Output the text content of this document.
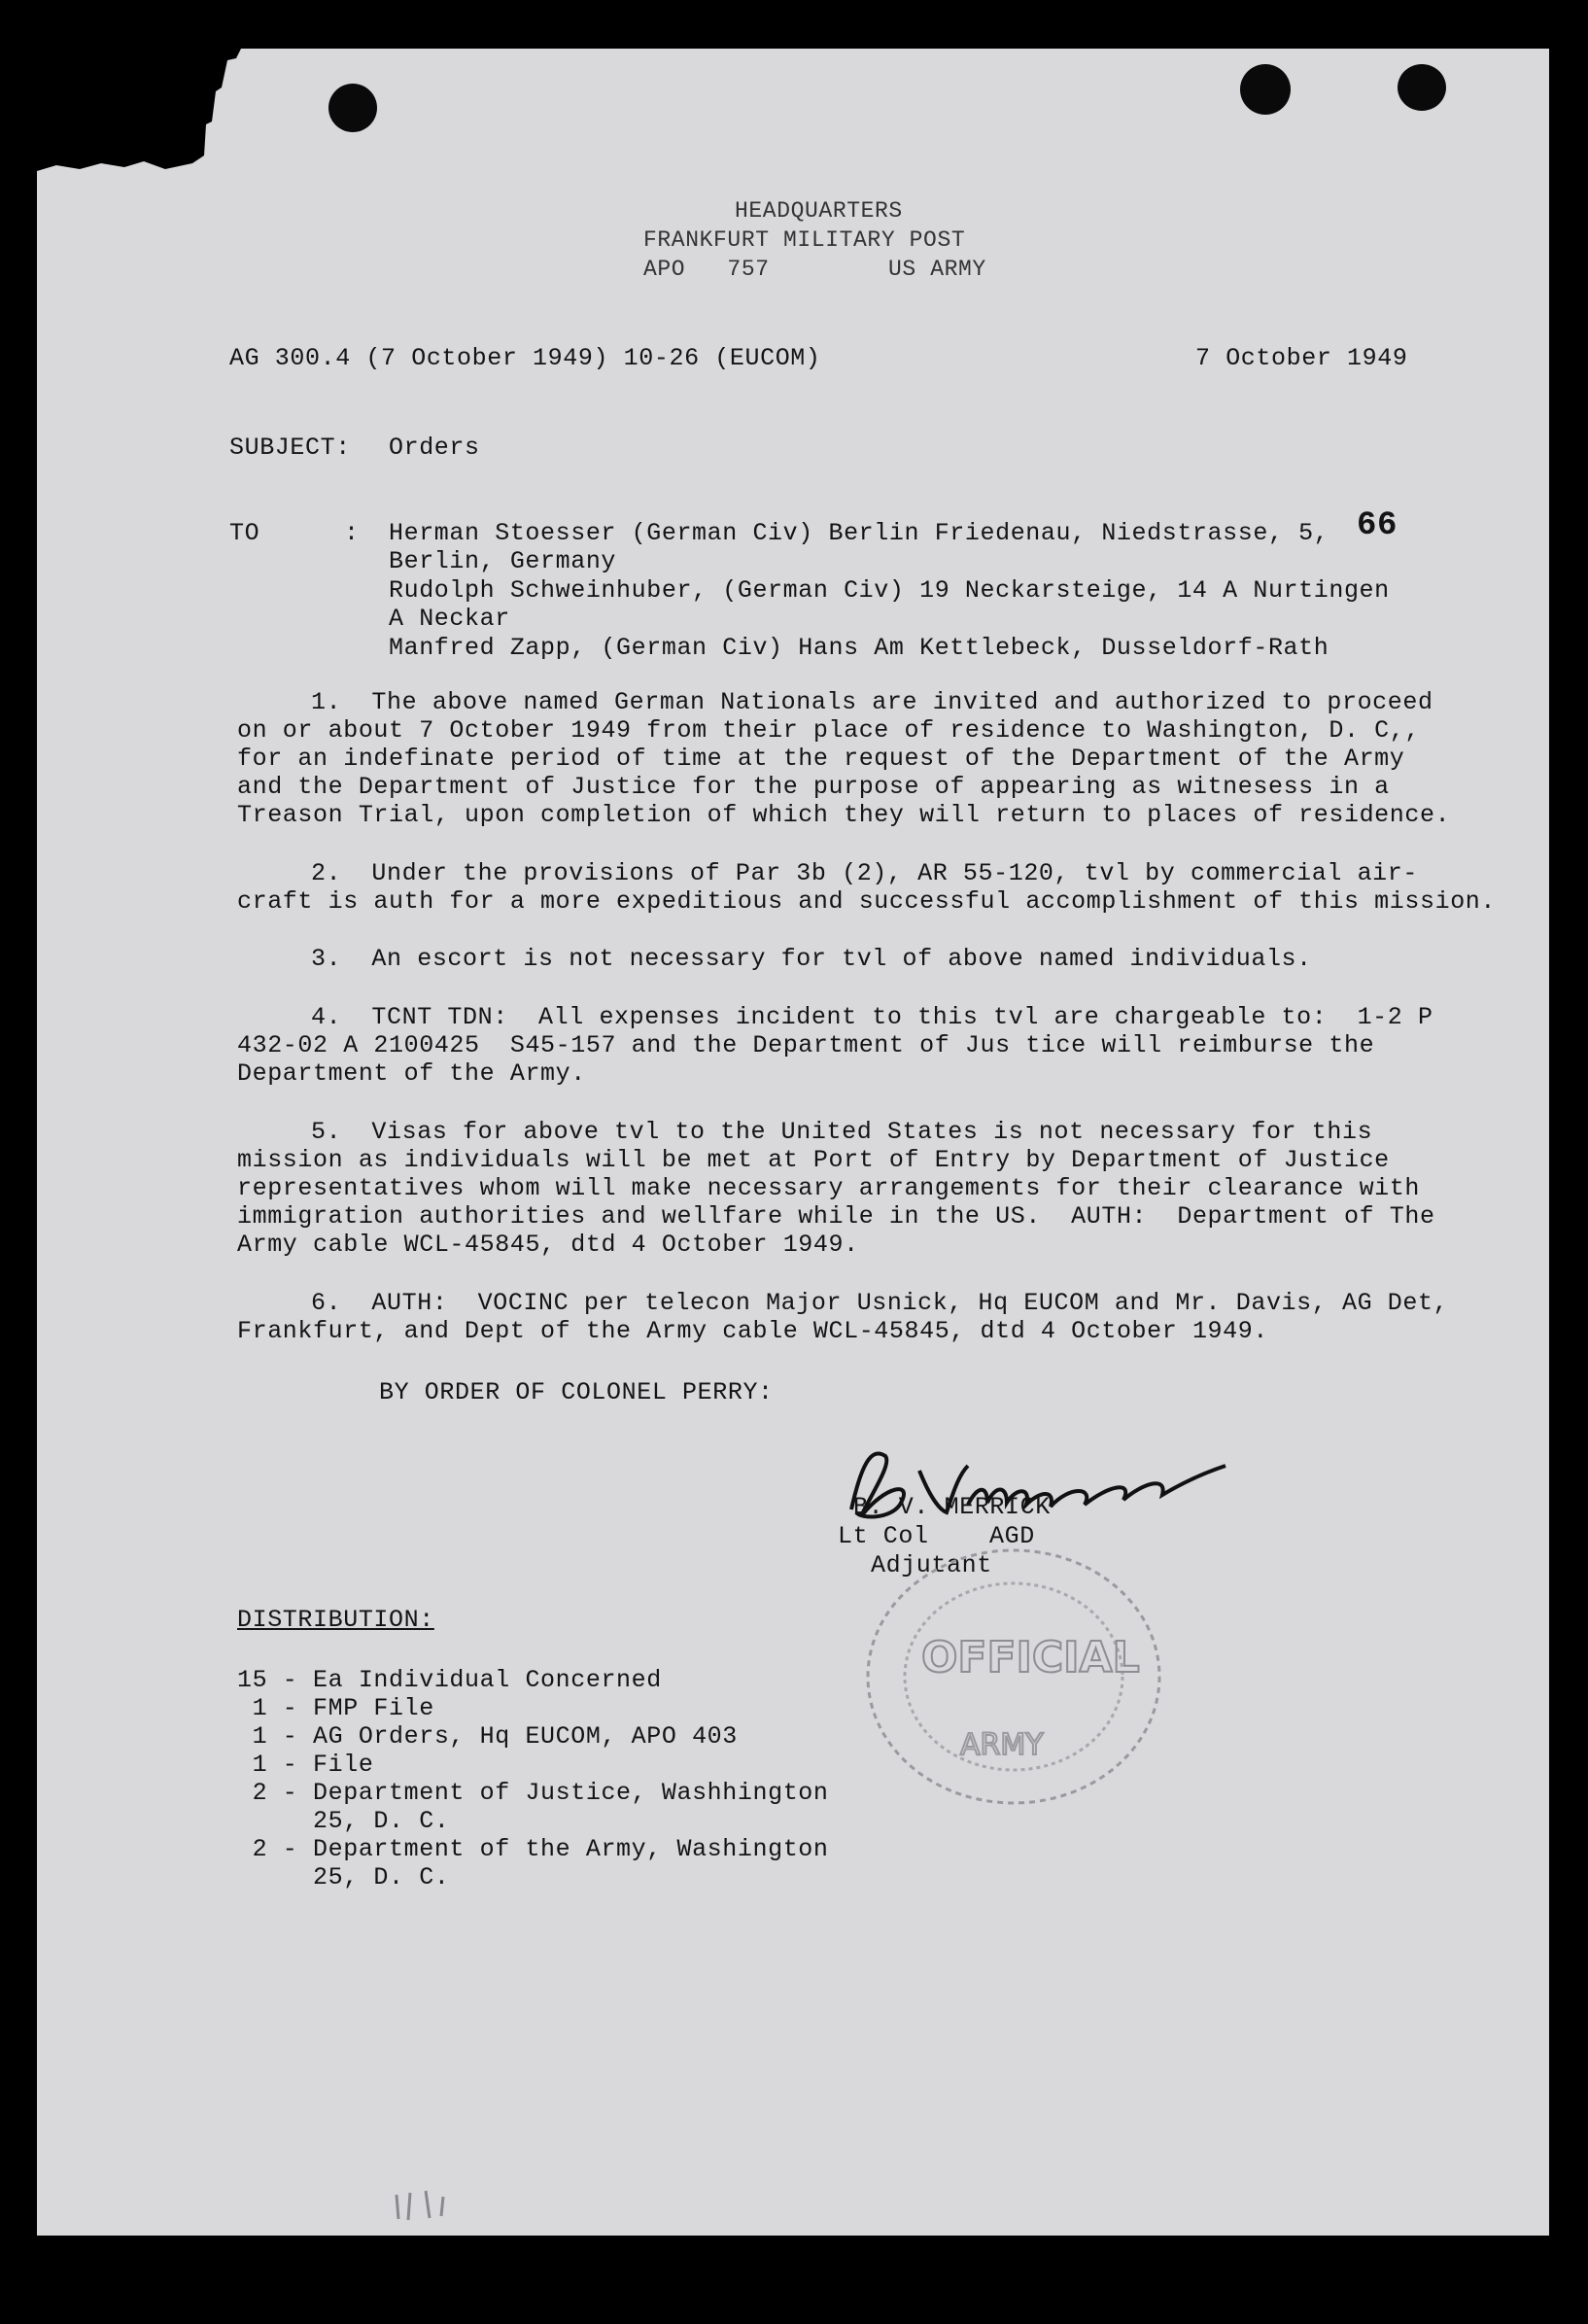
HEADQUARTERS
FRANKFURT MILITARY POST
APO   757	US ARMY
AG 300.4 (7 October 1949) 10-26 (EUCOM)	7 October 1949
SUBJECT: Orders
TO	:	66
Herman Stoesser (German Civ) Berlin Friedenau, Niedstrasse, 5,
Berlin, Germany
Rudolph Schweinhuber, (German Civ) 19 Neckarsteige, 14 A Nurtingen
A Neckar
Manfred Zapp, (German Civ) Hans Am Kettlebeck, Dusseldorf-Rath
1.  The above named German Nationals are invited and authorized to proceed
on or about 7 October 1949 from their place of residence to Washington, D. C,,
for an indefinate period of time at the request of the Department of the Army
and the Department of Justice for the purpose of appearing as witnesess in a
Treason Trial, upon completion of which they will return to places of residence.
2.  Under the provisions of Par 3b (2), AR 55-120, tvl by commercial air-
craft is auth for a more expeditious and successful accomplishment of this mission.
3.  An escort is not necessary for tvl of above named individuals.
4.  TCNT TDN:  All expenses incident to this tvl are chargeable to:  1-2 P
432-02 A 2100425  S45-157 and the Department of Jus tice will reimburse the
Department of the Army.
5.  Visas for above tvl to the United States is not necessary for this
mission as individuals will be met at Port of Entry by Department of Justice
representatives whom will make necessary arrangements for their clearance with
immigration authorities and wellfare while in the US.  AUTH:  Department of The
Army cable WCL-45845, dtd 4 October 1949.
6.  AUTH:  VOCINC per telecon Major Usnick, Hq EUCOM and Mr. Davis, AG Det,
Frankfurt, and Dept of the Army cable WCL-45845, dtd 4 October 1949.
BY ORDER OF COLONEL PERRY:
B. V. MERRICK
Lt Col    AGD
Adjutant
OFFICIAL
ARMY
DISTRIBUTION:
15 - Ea Individual Concerned
1 - FMP File
1 - AG Orders, Hq EUCOM, APO 403
1 - File
2 - Department of Justice, Washhington
25, D. C.
2 - Department of the Army, Washington
25, D. C.
